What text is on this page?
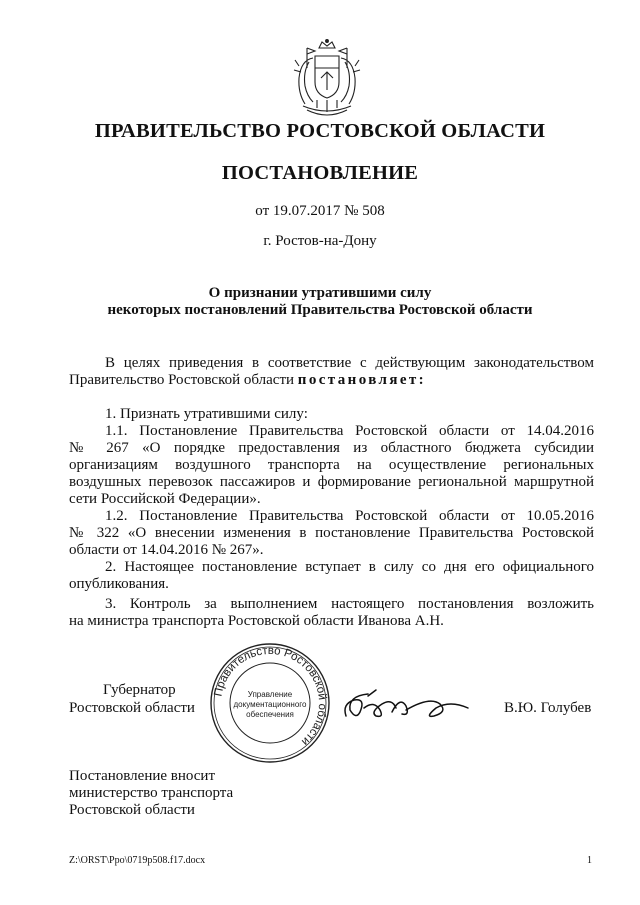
ПРАВИТЕЛЬСТВО РОСТОВСКОЙ ОБЛАСТИ
ПОСТАНОВЛЕНИЕ
от 19.07.2017 № 508
г. Ростов-на-Дону
О признании утратившими силу
некоторых постановлений Правительства Ростовской области
В целях приведения в соответствие с действующим законодательством
Правительство Ростовской области постановляет:
1. Признать утратившими силу:
1.1. Постановление Правительства Ростовской области от 14.04.2016
№ 267 «О порядке предоставления из областного бюджета субсидии
организациям воздушного транспорта на осуществление региональных
воздушных перевозок пассажиров и формирование региональной маршрутной
сети Российской Федерации».
1.2. Постановление Правительства Ростовской области от 10.05.2016
№ 322 «О внесении изменения в постановление Правительства Ростовской
области от 14.04.2016 № 267».
2. Настоящее постановление вступает в силу со дня его официального
опубликования.
3. Контроль за выполнением настоящего постановления возложить
на министра транспорта Ростовской области Иванова А.Н.
Губернатор
Ростовской области	В.Ю. Голубев
Правительство Ростовской области
Управление
документационного
обеспечения
Постановление вносит
министерство транспорта
Ростовской области
Z:\ORST\Ppo\0719p508.f17.docx	1
